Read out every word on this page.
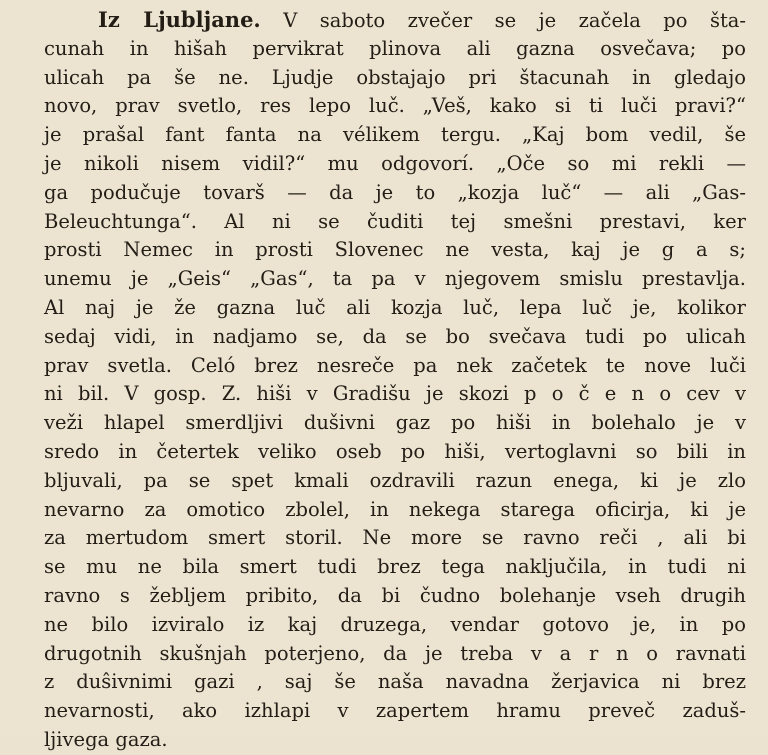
Iz Ljubljane. V saboto zvečer se je začela po šta-
cunah in hišah pervikrat plinova ali gazna osvečava; po
ulicah pa še ne. Ljudje obstajajo pri štacunah in gledajo
novo, prav svetlo, res lepo luč. „Veš, kako si ti luči pravi?“
je prašal fant fanta na vélikem tergu. „Kaj bom vedil, še
je nikoli nisem vidil?“ mu odgovorí. „Oče so mi rekli —
ga podučuje tovarš — da je to „kozja luč“ — ali „Gas-
Beleuchtunga“. Al ni se čuditi tej smešni prestavi, ker
prosti Nemec in prosti Slovenec ne vesta, kaj je g a s;
unemu je „Geis“ „Gas“, ta pa v njegovem smislu prestavlja.
Al naj je že gazna luč ali kozja luč, lepa luč je, kolikor
sedaj vidi, in nadjamo se, da se bo svečava tudi po ulicah
prav svetla. Celó brez nesreče pa nek začetek te nove luči
ni bil. V gosp. Z. hiši v Gradišu je skozi p o č e n o cev v
veži hlapel smerdljivi dušivni gaz po hiši in bolehalo je v
sredo in četertek veliko oseb po hiši, vertoglavni so bili in
bljuvali, pa se spet kmali ozdravili razun enega, ki je zlo
nevarno za omotico zbolel, in nekega starega oficirja, ki je
za mertudom smert storil. Ne more se ravno reči , ali bi
se mu ne bila smert tudi brez tega naključila, in tudi ni
ravno s žebljem pribito, da bi čudno bolehanje vseh drugih
ne bilo izviralo iz kaj druzega, vendar gotovo je, in po
drugotnih skušnjah poterjeno, da je treba v a r n o ravnati
z duŝivnimi gazi , saj še naša navadna žerjavica ni brez
nevarnosti, ako izhlapi v zapertem hramu preveč zaduš-
ljivega gaza.
